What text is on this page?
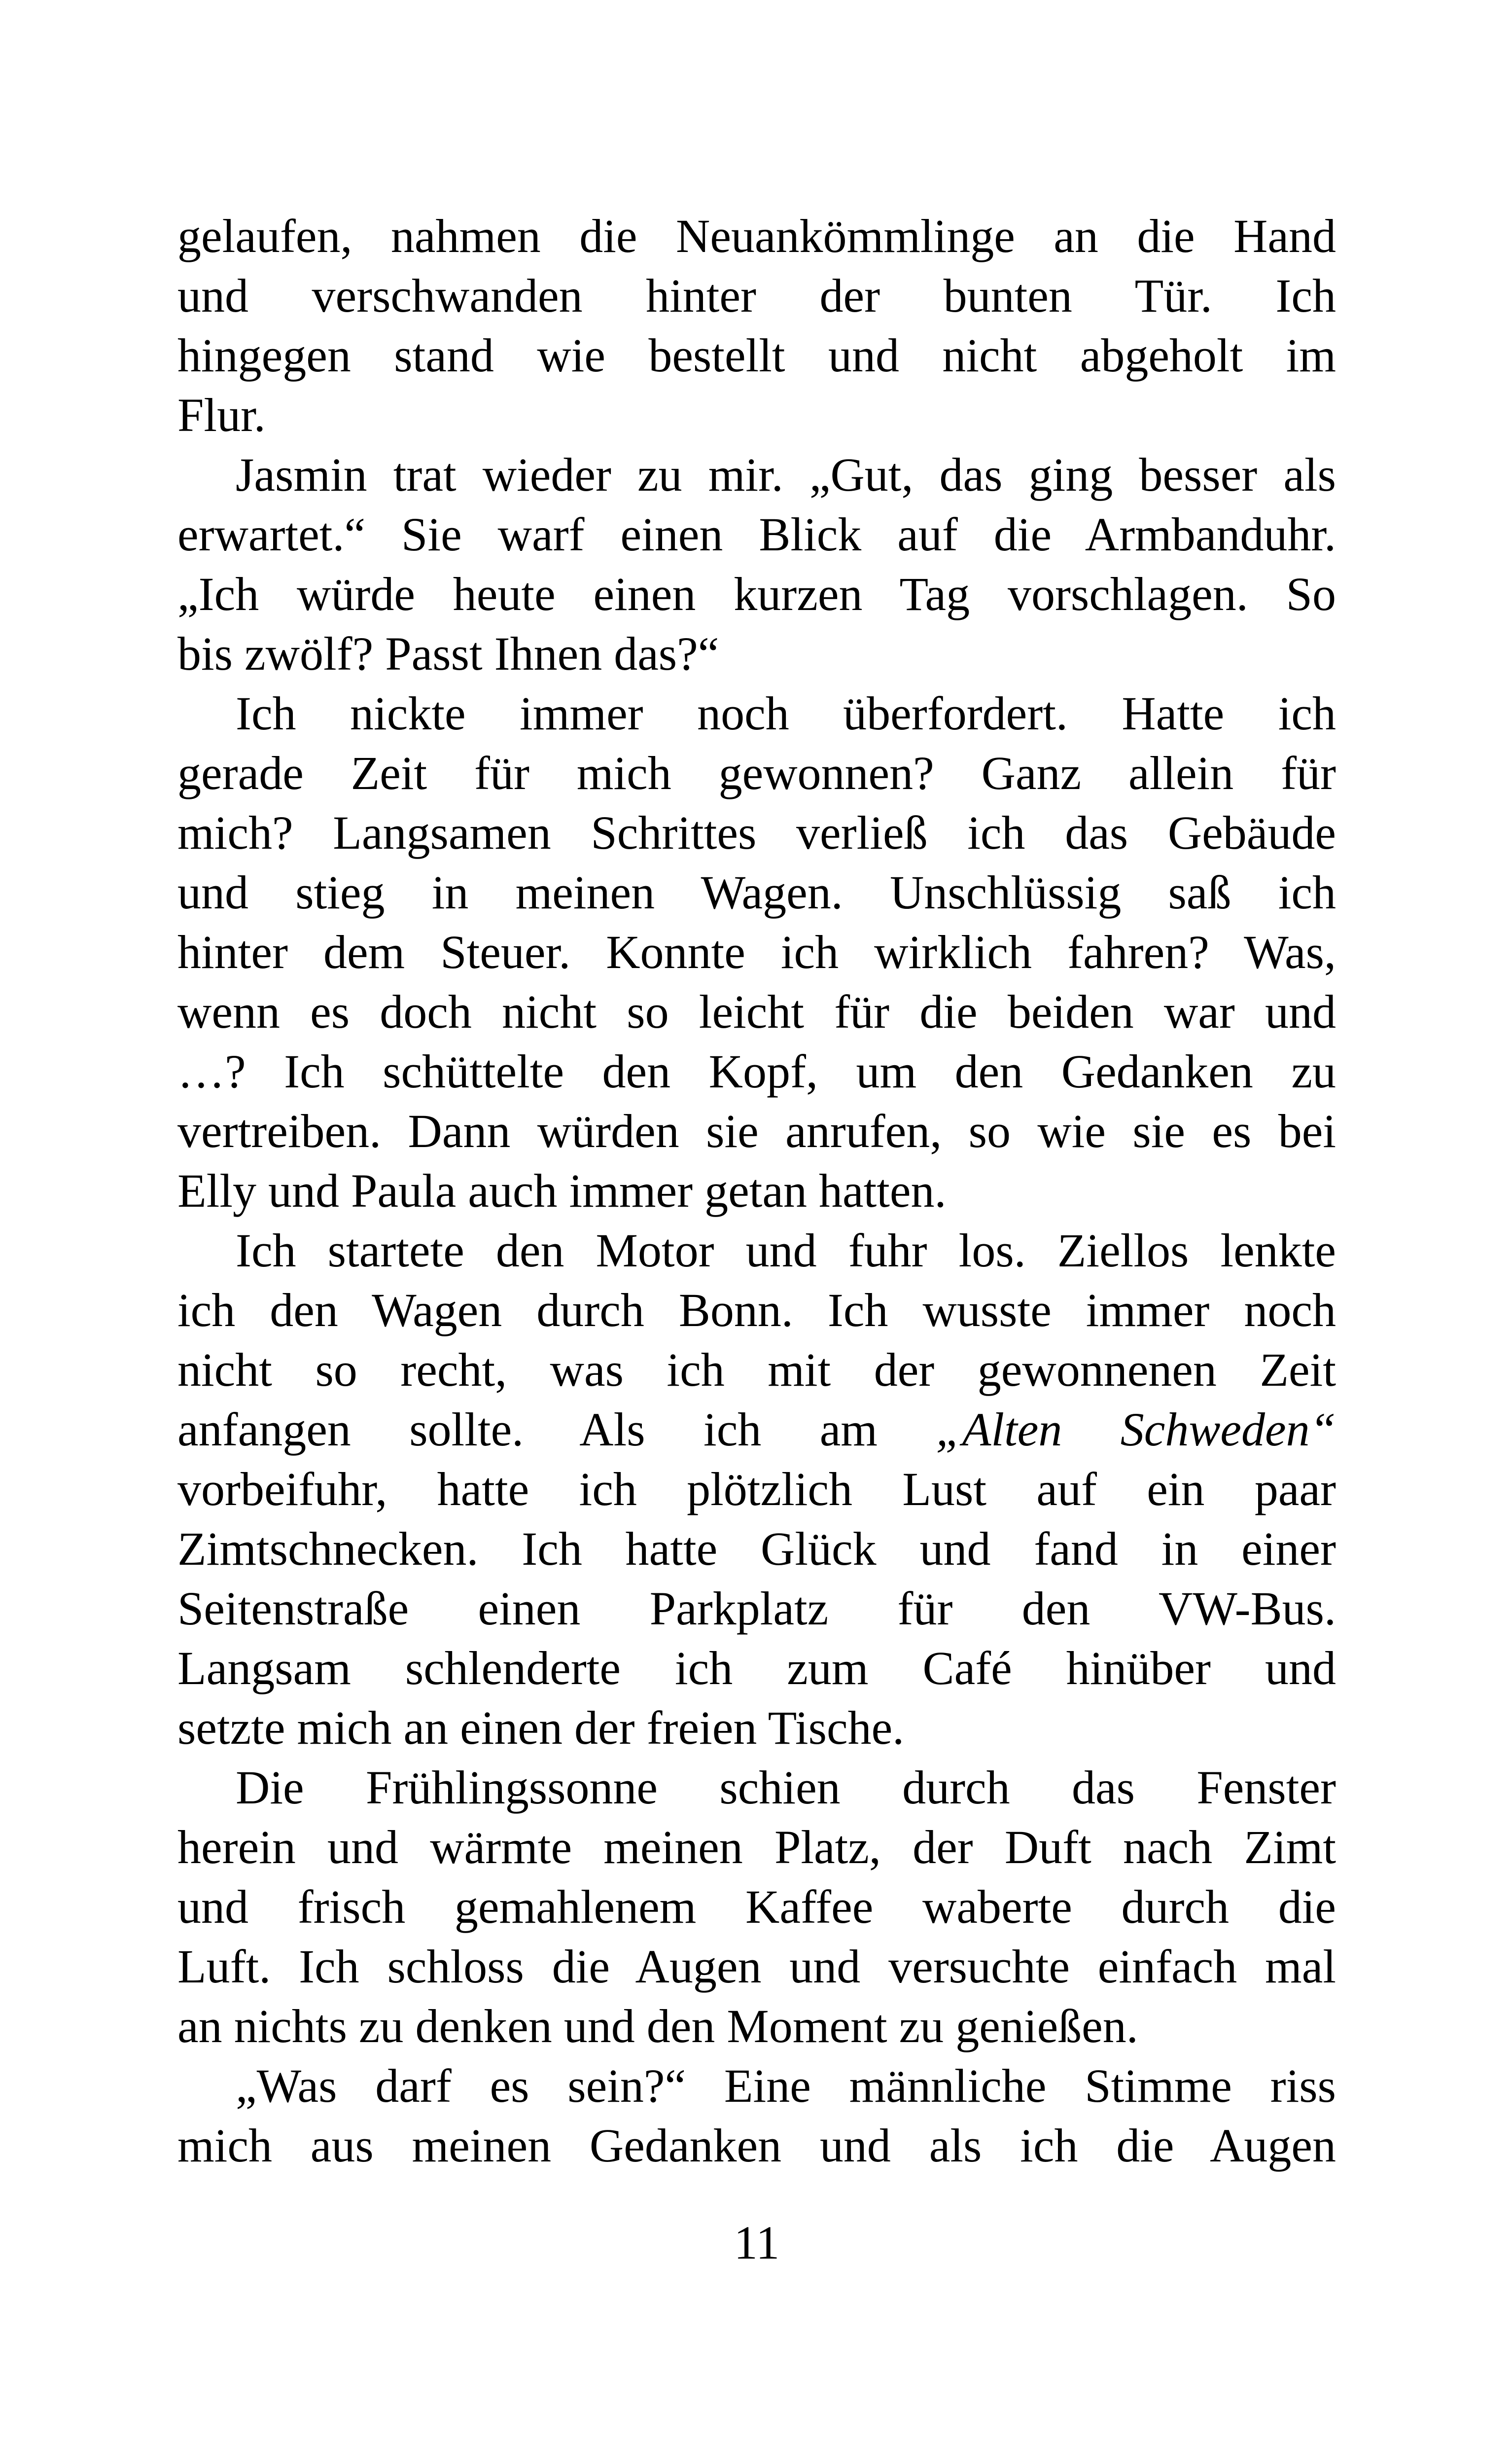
gelaufen, nahmen die Neuankömmlinge an die Hand
und verschwanden hinter der bunten Tür. Ich
hingegen stand wie bestellt und nicht abgeholt im
Flur.
Jasmin trat wieder zu mir. „Gut, das ging besser als
erwartet.“ Sie warf einen Blick auf die Armbanduhr.
„Ich würde heute einen kurzen Tag vorschlagen. So
bis zwölf? Passt Ihnen das?“
Ich nickte immer noch überfordert. Hatte ich
gerade Zeit für mich gewonnen? Ganz allein für
mich? Langsamen Schrittes verließ ich das Gebäude
und stieg in meinen Wagen. Unschlüssig saß ich
hinter dem Steuer. Konnte ich wirklich fahren? Was,
wenn es doch nicht so leicht für die beiden war und
…? Ich schüttelte den Kopf, um den Gedanken zu
vertreiben. Dann würden sie anrufen, so wie sie es bei
Elly und Paula auch immer getan hatten.
Ich startete den Motor und fuhr los. Ziellos lenkte
ich den Wagen durch Bonn. Ich wusste immer noch
nicht so recht, was ich mit der gewonnenen Zeit
anfangen sollte. Als ich am „Alten Schweden“
vorbeifuhr, hatte ich plötzlich Lust auf ein paar
Zimtschnecken. Ich hatte Glück und fand in einer
Seitenstraße einen Parkplatz für den VW-Bus.
Langsam schlenderte ich zum Café hinüber und
setzte mich an einen der freien Tische.
Die Frühlingssonne schien durch das Fenster
herein und wärmte meinen Platz, der Duft nach Zimt
und frisch gemahlenem Kaffee waberte durch die
Luft. Ich schloss die Augen und versuchte einfach mal
an nichts zu denken und den Moment zu genießen.
„Was darf es sein?“ Eine männliche Stimme riss
mich aus meinen Gedanken und als ich die Augen
11
